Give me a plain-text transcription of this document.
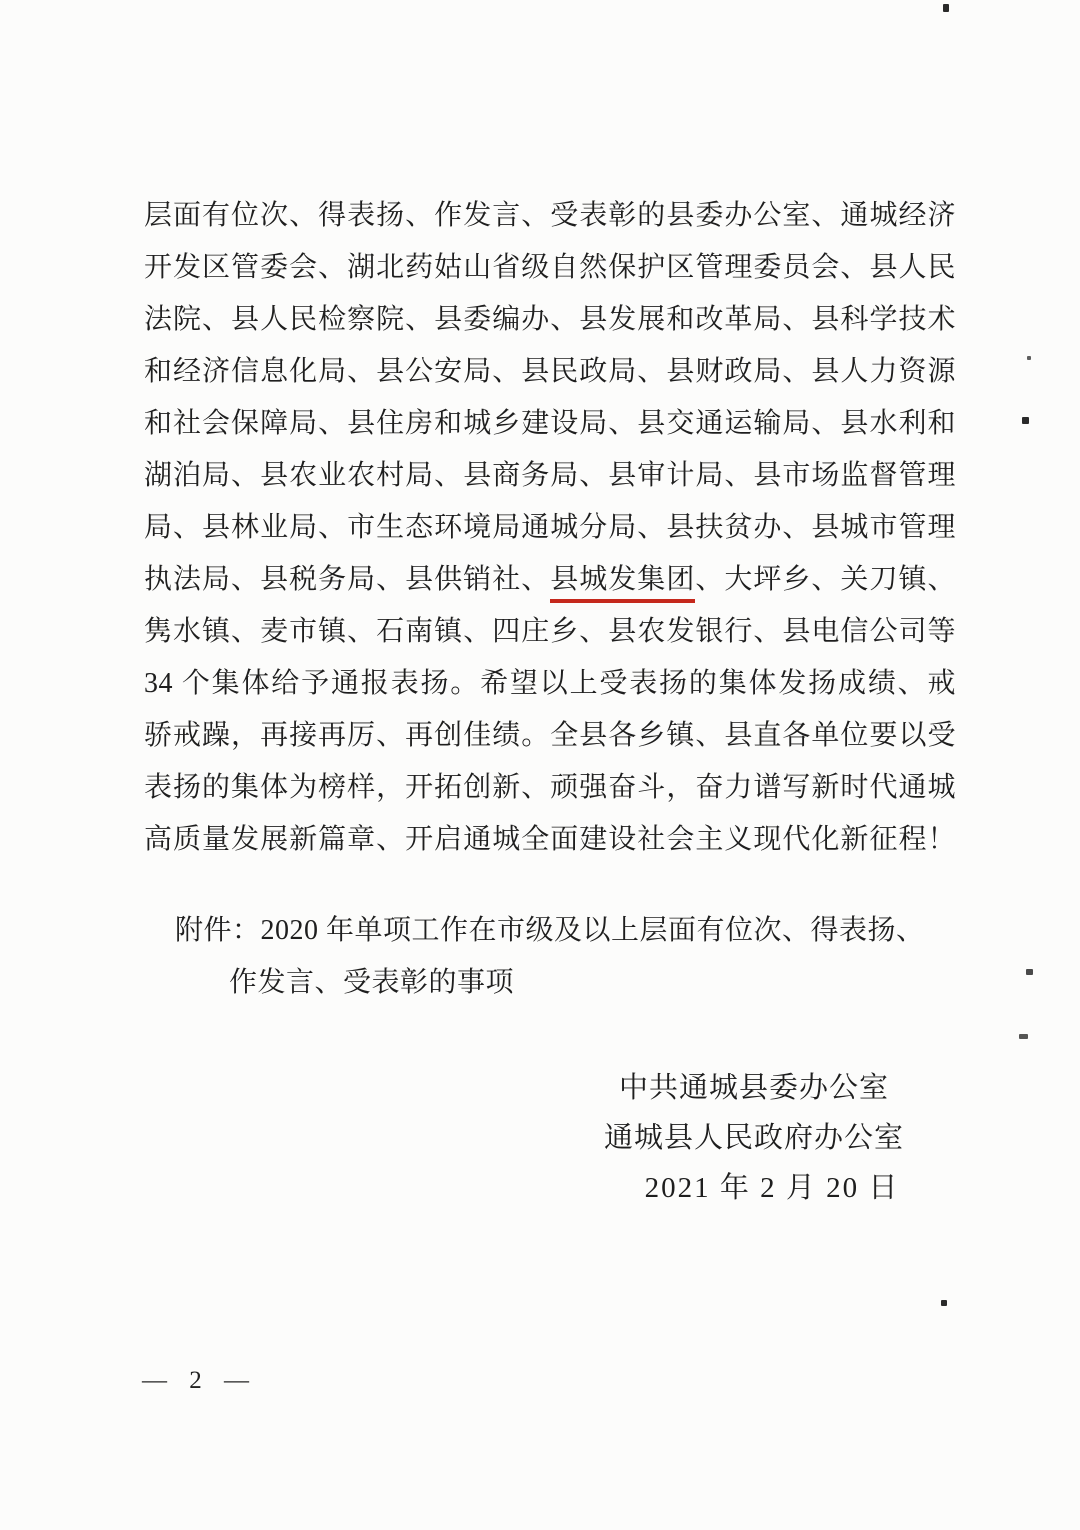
层面有位次、得表扬、作发言、受表彰的县委办公室、通城经济
开发区管委会、湖北药姑山省级自然保护区管理委员会、县人民
法院、县人民检察院、县委编办、县发展和改革局、县科学技术
和经济信息化局、县公安局、县民政局、县财政局、县人力资源
和社会保障局、县住房和城乡建设局、县交通运输局、县水利和
湖泊局、县农业农村局、县商务局、县审计局、县市场监督管理
局、县林业局、市生态环境局通城分局、县扶贫办、县城市管理
执法局、县税务局、县供销社、县城发集团、大坪乡、关刀镇、
隽水镇、麦市镇、石南镇、四庄乡、县农发银行、县电信公司等
34 个集体给予通报表扬。希望以上受表扬的集体发扬成绩、戒
骄戒躁，再接再厉、再创佳绩。全县各乡镇、县直各单位要以受
表扬的集体为榜样，开拓创新、顽强奋斗，奋力谱写新时代通城
高质量发展新篇章、开启通城全面建设社会主义现代化新征程！
附件：2020 年单项工作在市级及以上层面有位次、得表扬、
作发言、受表彰的事项
中共通城县委办公室
通城县人民政府办公室
2021 年 2 月 20 日
— 2 —
